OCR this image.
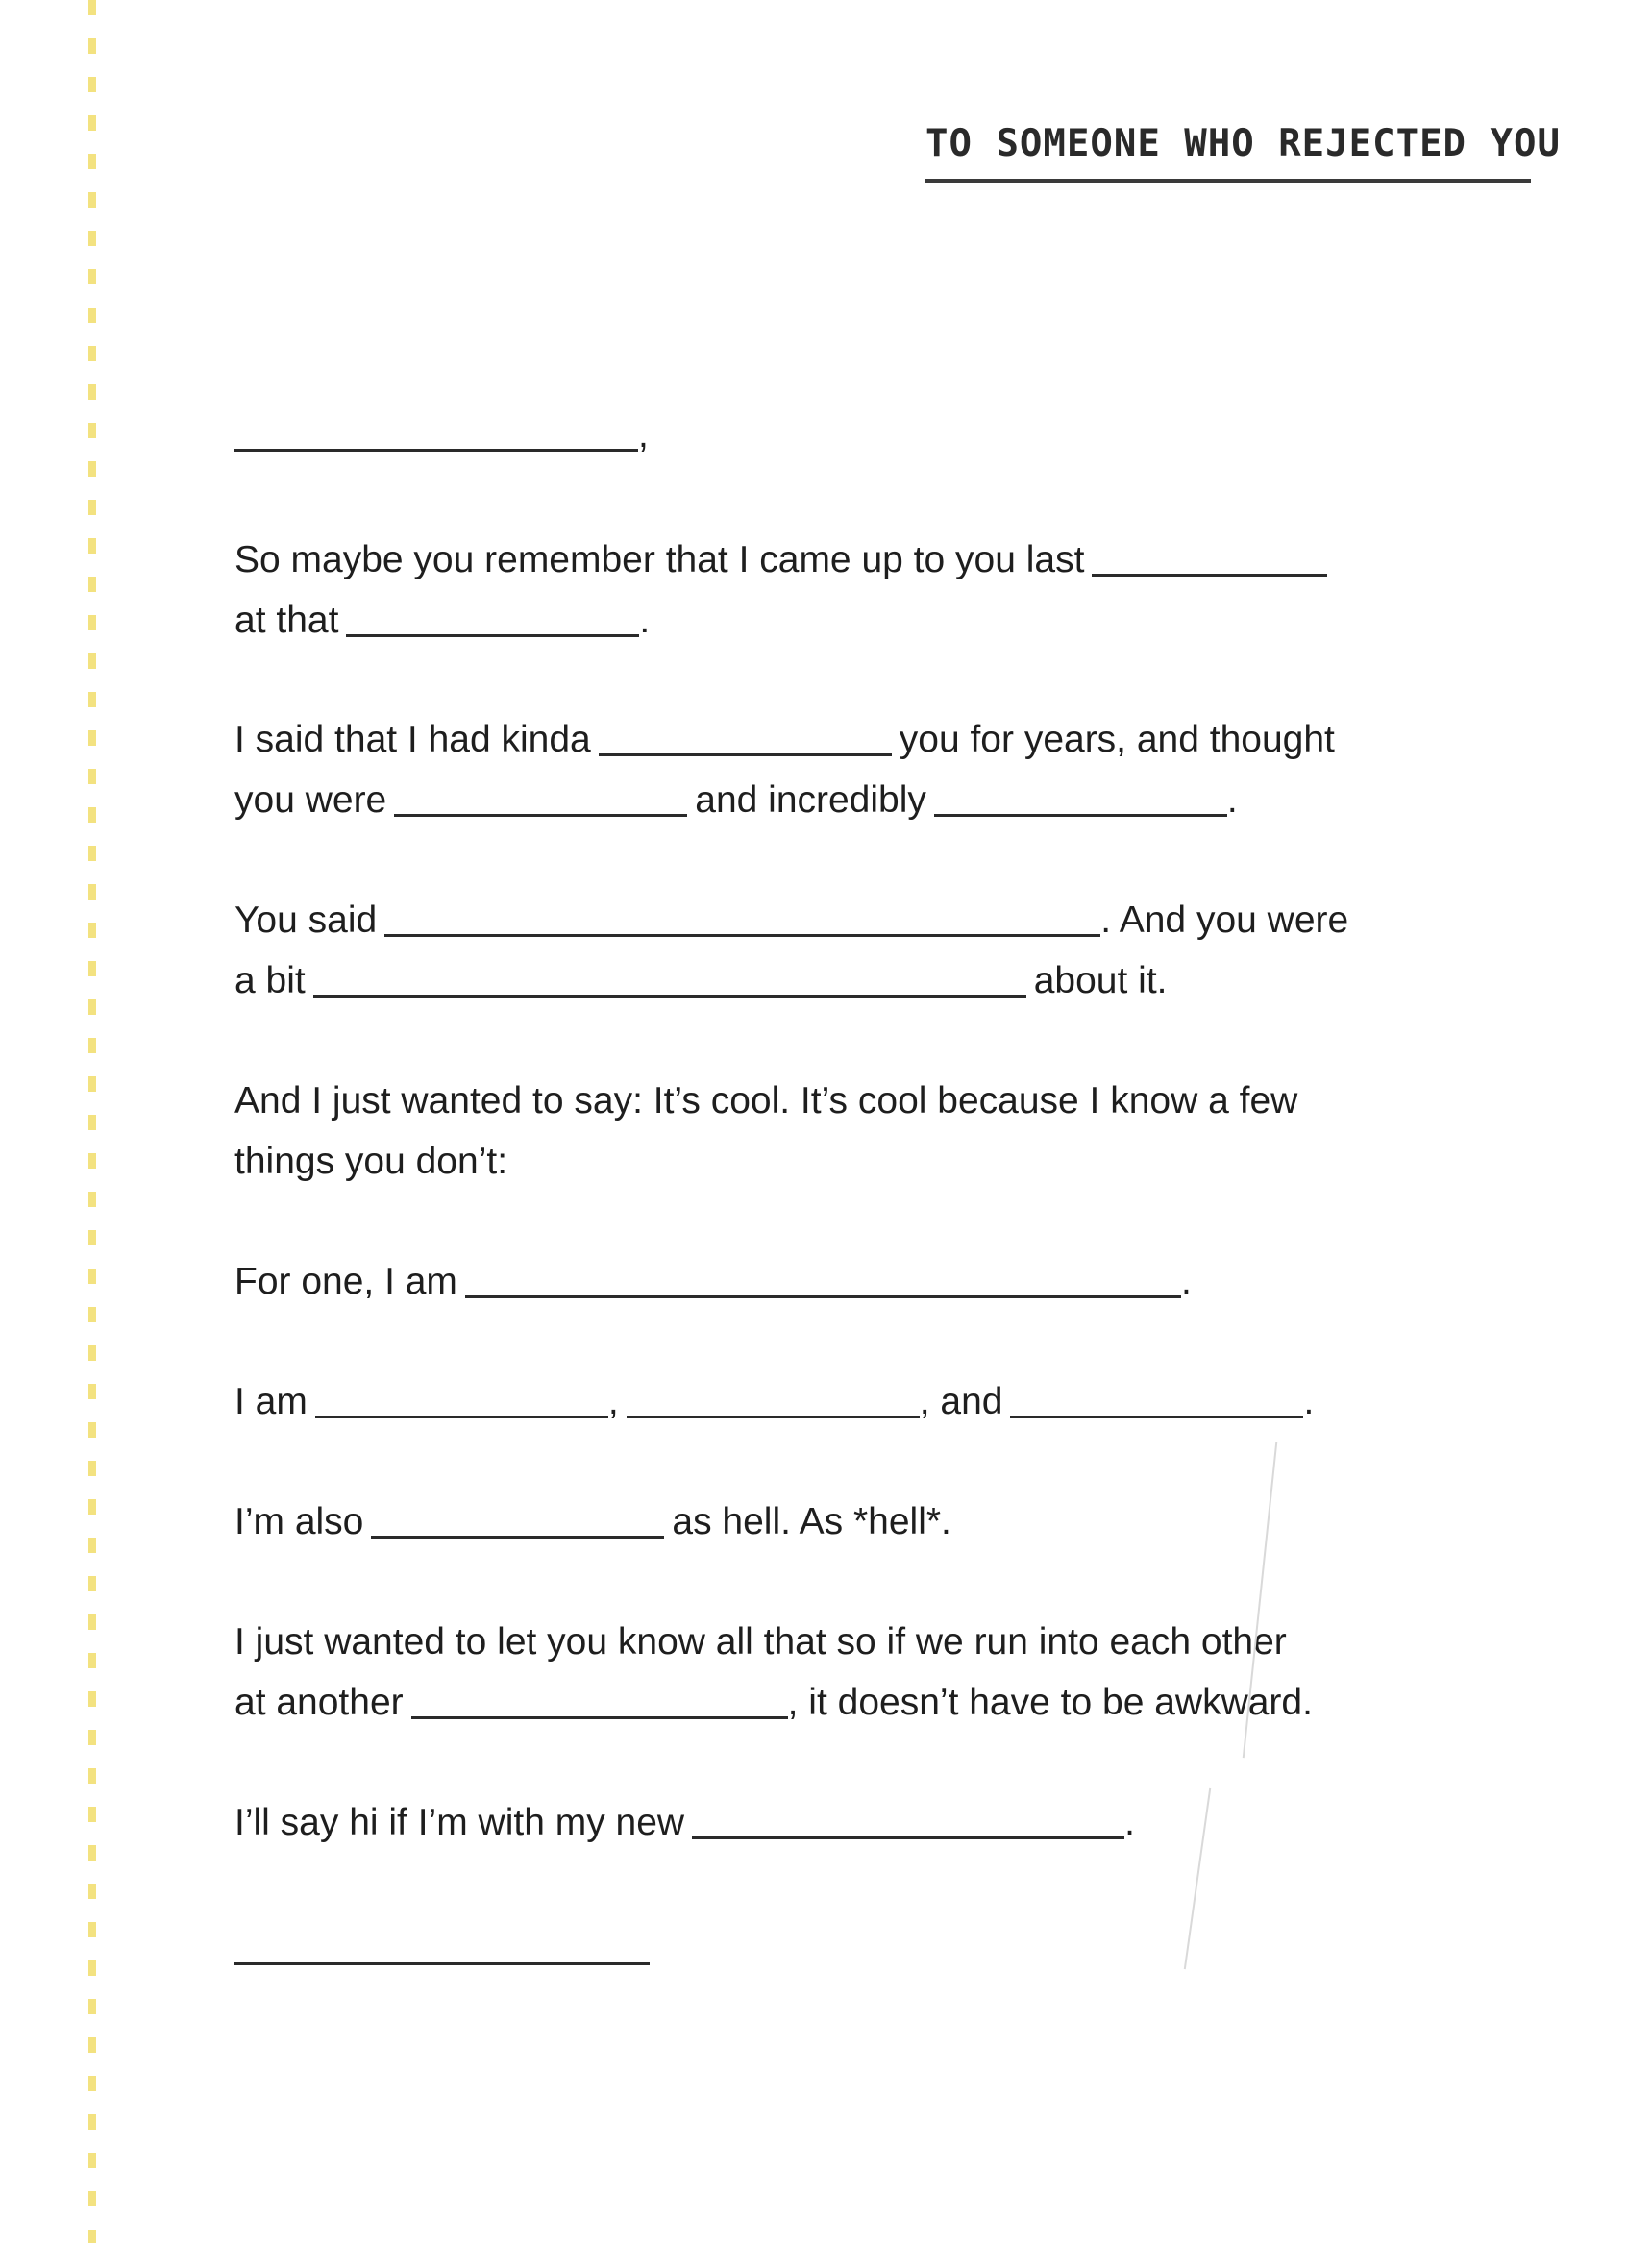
TO SOMEONE WHO REJECTED YOU
,
So maybe you remember that I came up to you last
at that	.
I said that I had kinda	you for years, and thought
you were	and incredibly	.
You said	. And you were
a bit	about it.
And I just wanted to say: It’s cool. It’s cool because I know a few
things you don’t:
For one, I am	.
I am	,	, and	.
I’m also	as hell. As *hell*.
I just wanted to let you know all that so if we run into each other
at another	, it doesn’t have to be awkward.
I’ll say hi if I’m with my new	.
